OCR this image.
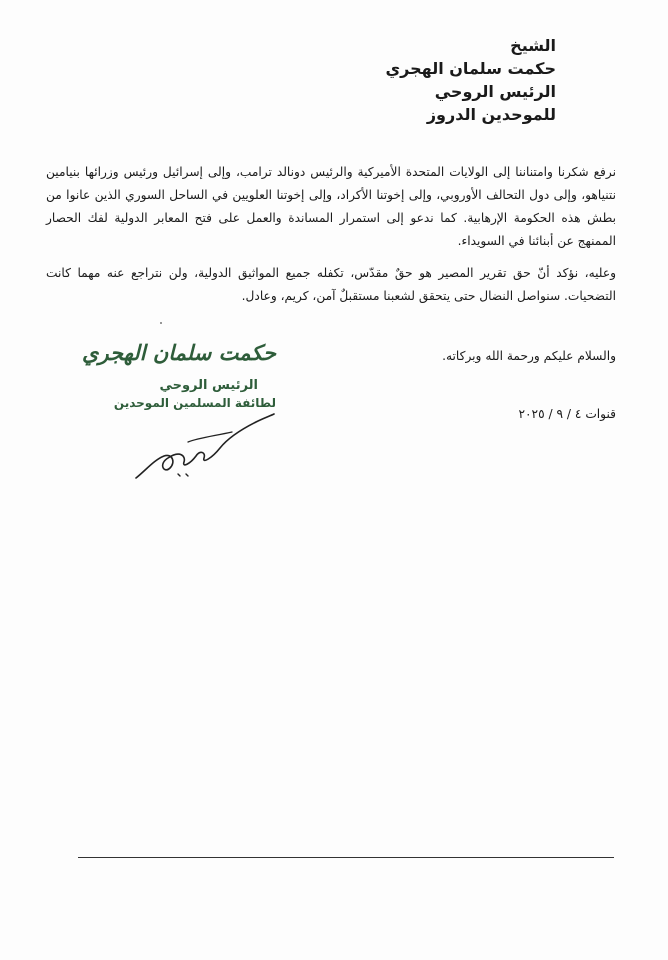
الشيخ
حكمت سلمان الهجري
الرئيس الروحي
للموحدين الدروز
نرفع شكرنا وامتناننا إلى الولايات المتحدة الأميركية والرئيس دونالد ترامب، وإلى إسرائيل ورئيس وزرائها بنيامين نتنياهو، وإلى دول التحالف الأوروبي، وإلى إخوتنا الأكراد، وإلى إخوتنا العلويين في الساحل السوري الذين عانوا من بطش هذه الحكومة الإرهابية. كما ندعو إلى استمرار المساندة والعمل على فتح المعابر الدولية لفك الحصار الممنهج عن أبنائنا في السويداء.
وعليه، نؤكد أنّ حق تقرير المصير هو حقٌ مقدّس، تكفله جميع المواثيق الدولية، ولن نتراجع عنه مهما كانت التضحيات. سنواصل النضال حتى يتحقق لشعبنا مستقبلٌ آمن، كريم، وعادل.
والسلام عليكم ورحمة الله وبركاته.
قنوات ٤ / ٩ / ٢٠٢٥
حكمت سلمان الهجري
الرئيس الروحي
لطائفة المسلمين الموحدين
